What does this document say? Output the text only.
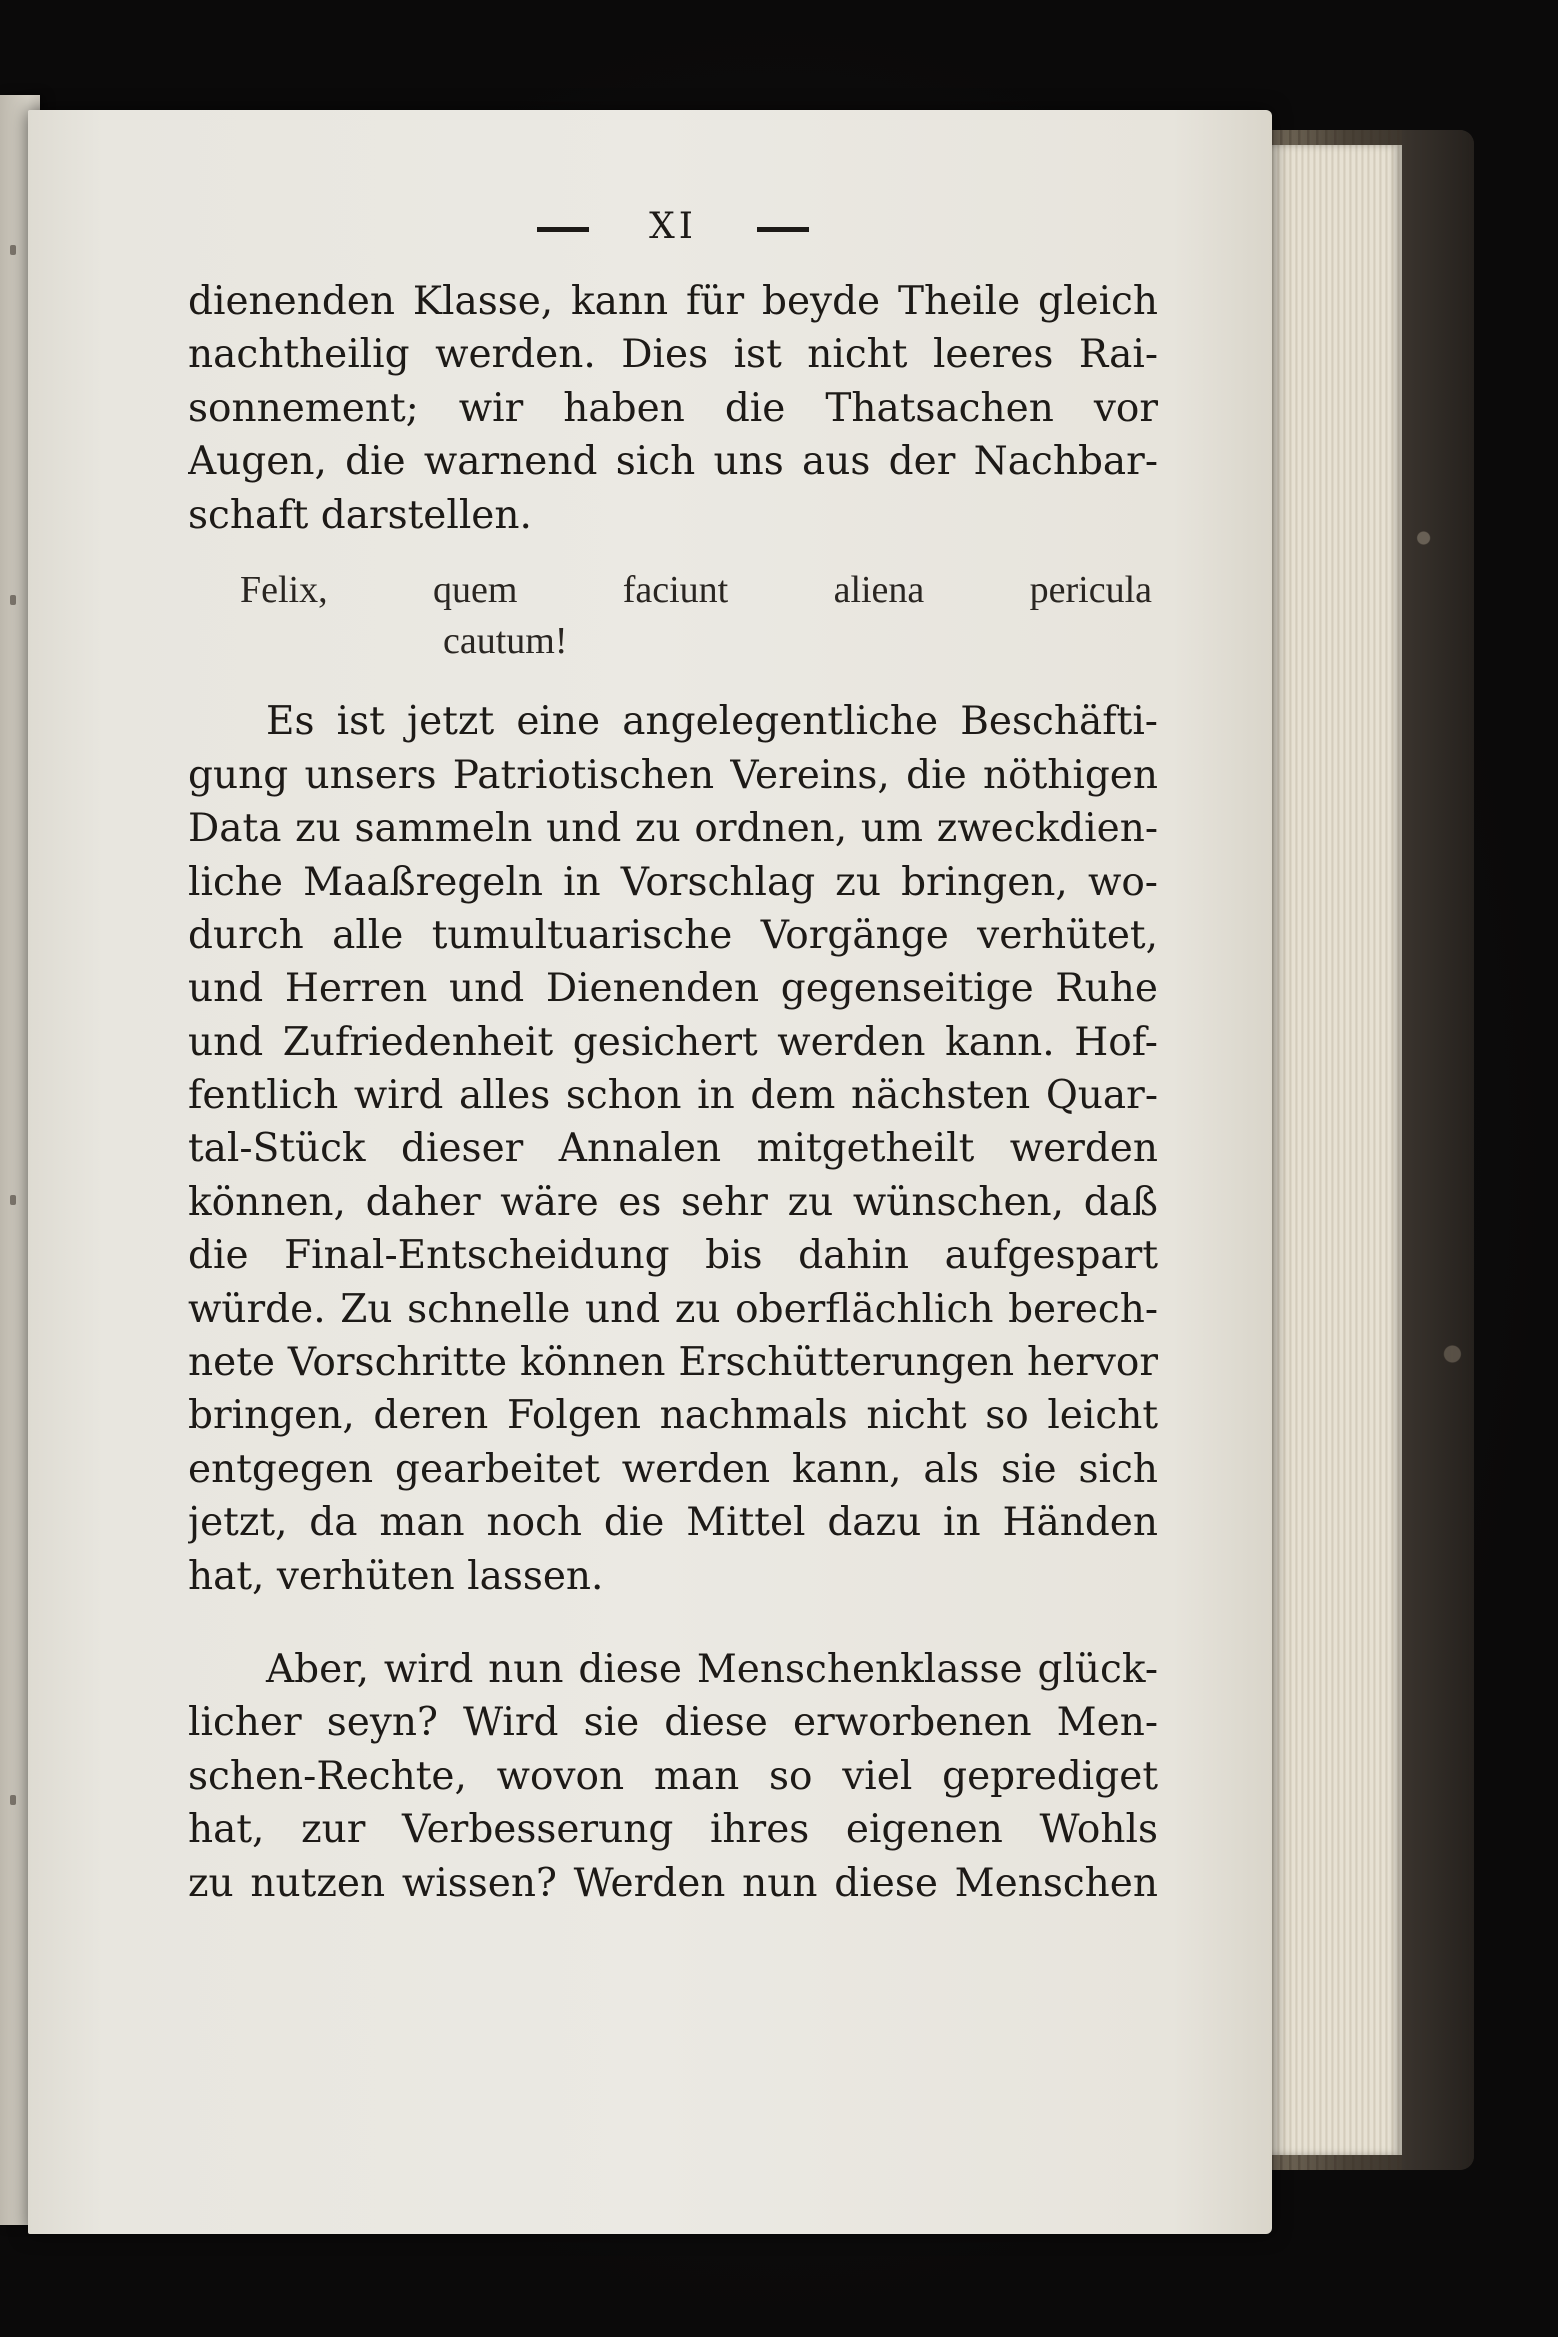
XI
dienenden Klasse, kann für beyde Theile gleich
nachtheilig werden. Dies ist nicht leeres Rai-
sonnement; wir haben die Thatsachen vor
Augen, die warnend sich uns aus der Nachbar-
schaft darstellen.
Felix, quem faciunt aliena pericula
cautum!
Es ist jetzt eine angelegentliche Beschäfti-
gung unsers Patriotischen Vereins, die nöthigen
Data zu sammeln und zu ordnen, um zweckdien-
liche Maaßregeln in Vorschlag zu bringen, wo-
durch alle tumultuarische Vorgänge verhütet,
und Herren und Dienenden gegenseitige Ruhe
und Zufriedenheit gesichert werden kann. Hof-
fentlich wird alles schon in dem nächsten Quar-
tal-Stück dieser Annalen mitgetheilt werden
können, daher wäre es sehr zu wünschen, daß
die Final-Entscheidung bis dahin aufgespart
würde. Zu schnelle und zu oberflächlich berech-
nete Vorschritte können Erschütterungen hervor
bringen, deren Folgen nachmals nicht so leicht
entgegen gearbeitet werden kann, als sie sich
jetzt, da man noch die Mittel dazu in Händen
hat, verhüten lassen.
Aber, wird nun diese Menschenklasse glück-
licher seyn? Wird sie diese erworbenen Men-
schen-Rechte, wovon man so viel geprediget
hat, zur Verbesserung ihres eigenen Wohls
zu nutzen wissen? Werden nun diese Menschen
